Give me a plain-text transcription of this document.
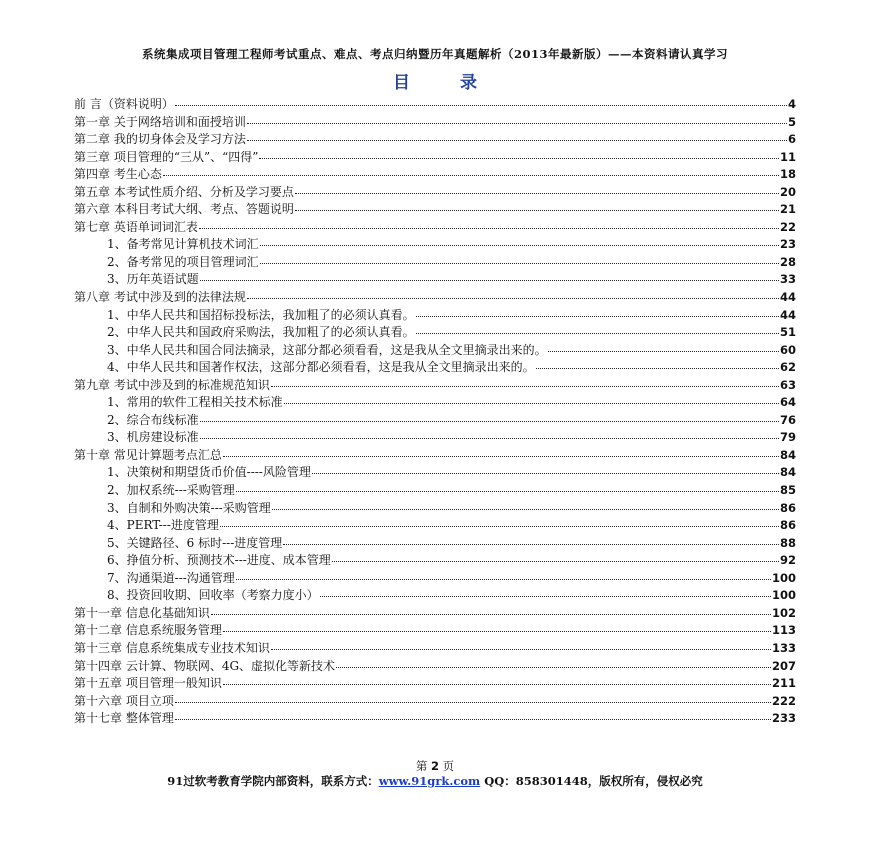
系统集成项目管理工程师考试重点、难点、考点归纳暨历年真题解析（2013年最新版）——本资料请认真学习
目 录
前 言（资料说明）	4
第一章 关于网络培训和面授培训	5
第二章 我的切身体会及学习方法	6
第三章 项目管理的“三从”、“四得”	11
第四章 考生心态	18
第五章 本考试性质介绍、分析及学习要点	20
第六章 本科目考试大纲、考点、答题说明	21
第七章 英语单词词汇表	22
1、备考常见计算机技术词汇	23
2、备考常见的项目管理词汇	28
3、历年英语试题	33
第八章 考试中涉及到的法律法规	44
1、中华人民共和国招标投标法，我加粗了的必须认真看。	44
2、中华人民共和国政府采购法，我加粗了的必须认真看。	51
3、中华人民共和国合同法摘录，这部分都必须看看，这是我从全文里摘录出来的。	60
4、中华人民共和国著作权法，这部分都必须看看，这是我从全文里摘录出来的。	62
第九章 考试中涉及到的标准规范知识	63
1、常用的软件工程相关技术标准	64
2、综合布线标准	76
3、机房建设标准	79
第十章 常见计算题考点汇总	84
1、决策树和期望货币价值----风险管理	84
2、加权系统---采购管理	85
3、自制和外购决策---采购管理	86
4、PERT---进度管理	86
5、关键路径、6 标时---进度管理	88
6、挣值分析、预测技术---进度、成本管理	92
7、沟通渠道---沟通管理	100
8、投资回收期、回收率（考察力度小）	100
第十一章 信息化基础知识	102
第十二章 信息系统服务管理	113
第十三章 信息系统集成专业技术知识	133
第十四章 云计算、物联网、4G、虚拟化等新技术	207
第十五章 项目管理一般知识	211
第十六章 项目立项	222
第十七章 整体管理	233
第 2 页
91过软考教育学院内部资料，联系方式：www.91grk.com QQ：858301448，版权所有，侵权必究
